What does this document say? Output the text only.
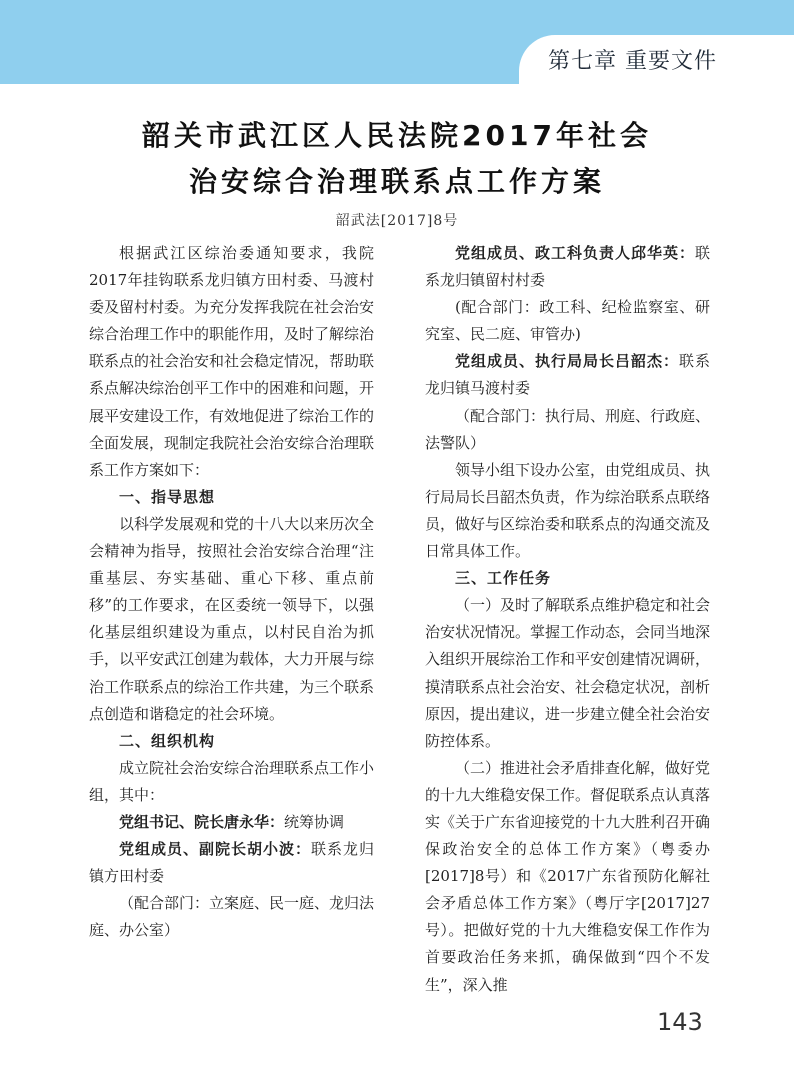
第七章 重要文件
韶关市武江区人民法院2017年社会
治安综合治理联系点工作方案
韶武法[2017]8号

根据武江区综治委通知要求，我院2017年挂钩联系龙归镇方田村委、马渡村委及留村村委。为充分发挥我院在社会治安综合治理工作中的职能作用，及时了解综治联系点的社会治安和社会稳定情况，帮助联系点解决综治创平工作中的困难和问题，开展平安建设工作，有效地促进了综治工作的全面发展，现制定我院社会治安综合治理联系工作方案如下：

一、指导思想

以科学发展观和党的十八大以来历次全会精神为指导，按照社会治安综合治理“注重基层、夯实基础、重心下移、重点前移”的工作要求，在区委统一领导下，以强化基层组织建设为重点，以村民自治为抓手，以平安武江创建为载体，大力开展与综治工作联系点的综治工作共建，为三个联系点创造和谐稳定的社会环境。

二、组织机构

成立院社会治安综合治理联系点工作小组，其中：

党组书记、院长唐永华：统筹协调

党组成员、副院长胡小波：联系龙归镇方田村委

（配合部门：立案庭、民一庭、龙归法庭、办公室）

党组成员、政工科负责人邱华英：联系龙归镇留村村委

(配合部门：政工科、纪检监察室、研究室、民二庭、审管办)

党组成员、执行局局长吕韶杰：联系龙归镇马渡村委

（配合部门：执行局、刑庭、行政庭、法警队）

领导小组下设办公室，由党组成员、执行局局长吕韶杰负责，作为综治联系点联络员，做好与区综治委和联系点的沟通交流及日常具体工作。

三、工作任务

（一）及时了解联系点维护稳定和社会治安状况情况。掌握工作动态，会同当地深入组织开展综治工作和平安创建情况调研，摸清联系点社会治安、社会稳定状况，剖析原因，提出建议，进一步建立健全社会治安防控体系。

（二）推进社会矛盾排查化解，做好党的十九大维稳安保工作。督促联系点认真落实《关于广东省迎接党的十九大胜利召开确保政治安全的总体工作方案》（粤委办[2017]8号）和《2017广东省预防化解社会矛盾总体工作方案》（粤厅字[2017]27号）。把做好党的十九大维稳安保工作作为首要政治任务来抓，确保做到“四个不发生”，深入推

143
